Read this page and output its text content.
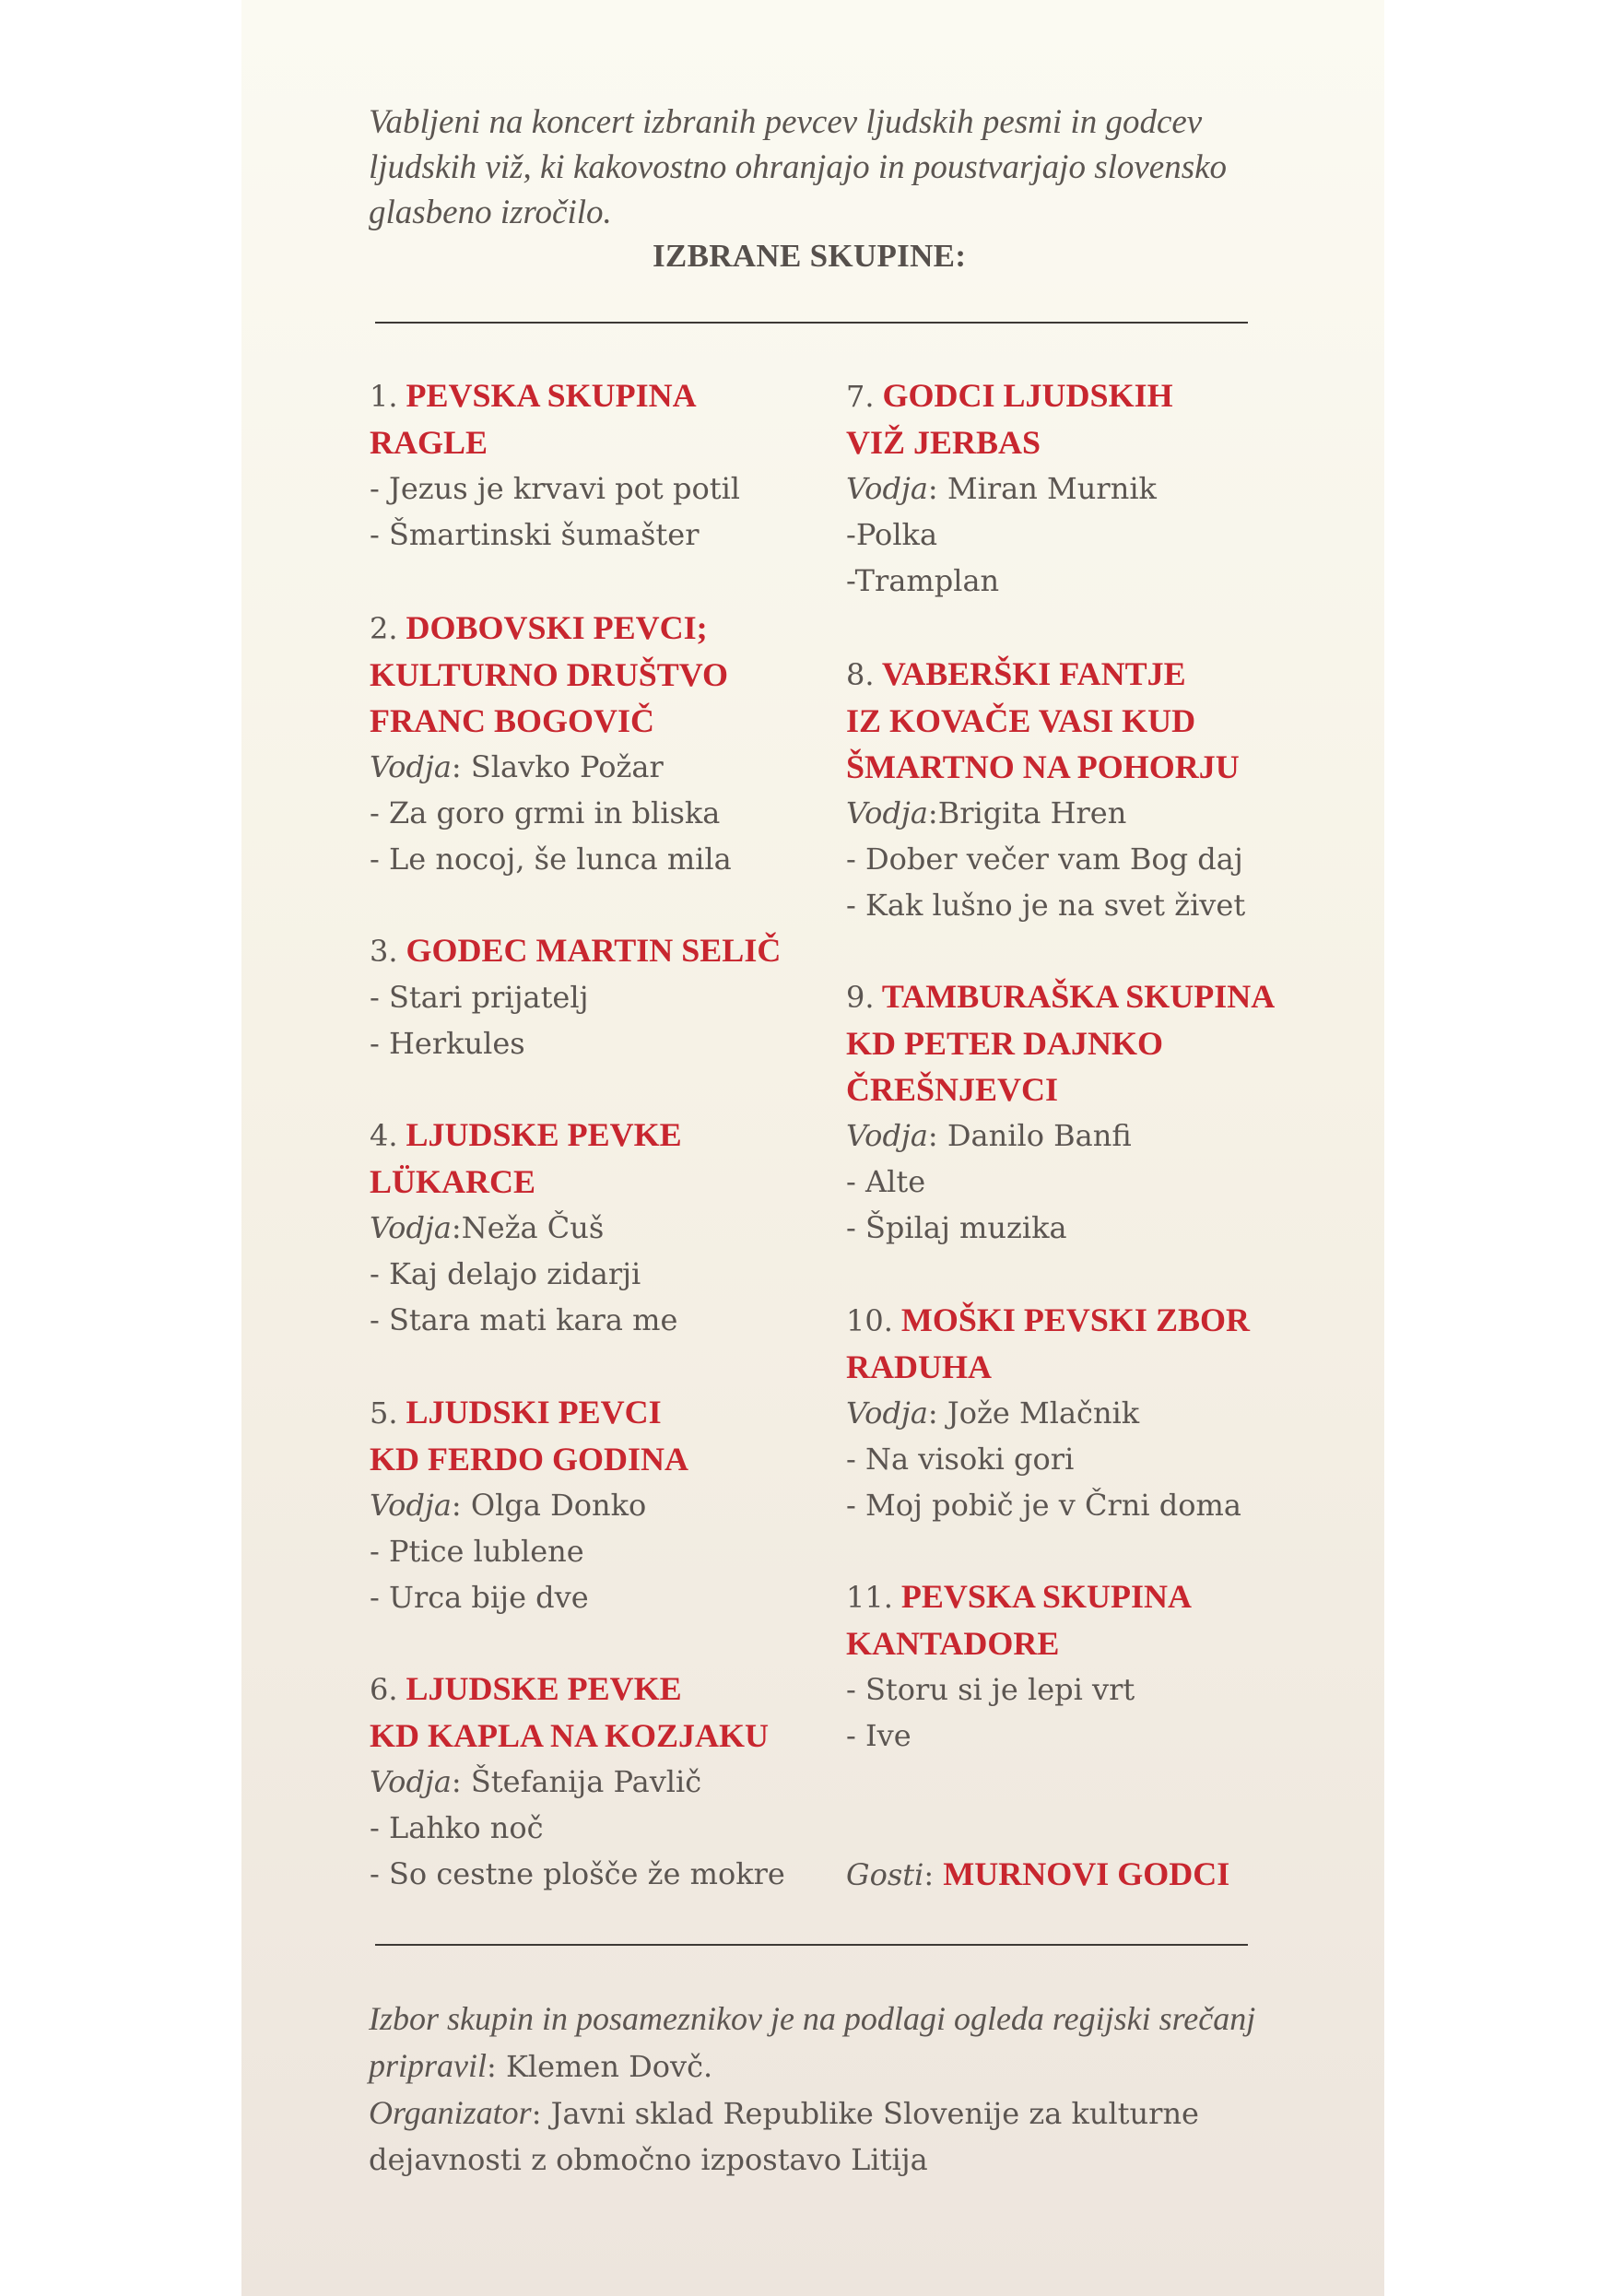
Vabljeni na koncert izbranih pevcev ljudskih pesmi in godcev ljudskih viž, ki kakovostno ohranjajo in poustvarjajo slovensko glasbeno izročilo.

IZBRANE SKUPINE:

1. PEVSKA SKUPINA
RAGLE

- Jezus je krvavi pot potil

- Šmartinski šumašter

2. DOBOVSKI PEVCI;
KULTURNO DRUŠTVO
FRANC BOGOVIČ

Vodja: Slavko Požar

- Za goro grmi in bliska

- Le nocoj, še lunca mila

3. GODEC MARTIN SELIČ

- Stari prijatelj

- Herkules

4. LJUDSKE PEVKE
LÜKARCE

Vodja:Neža Čuš

- Kaj delajo zidarji

- Stara mati kara me

5. LJUDSKI PEVCI
KD FERDO GODINA

Vodja: Olga Donko

- Ptice lublene

- Urca bije dve

6. LJUDSKE PEVKE
KD KAPLA NA KOZJAKU

Vodja: Štefanija Pavlič

- Lahko noč

- So cestne plošče že mokre

7. GODCI LJUDSKIH
VIŽ JERBAS

Vodja: Miran Murnik

-Polka

-Tramplan

8. VABERŠKI FANTJE
IZ KOVAČE VASI KUD
ŠMARTNO NA POHORJU

Vodja:Brigita Hren

- Dober večer vam Bog daj

- Kak lušno je na svet živet

9. TAMBURAŠKA SKUPINA
KD PETER DAJNKO
ČREŠNJEVCI

Vodja: Danilo Banfi

- Alte

- Špilaj muzika

10. MOŠKI PEVSKI ZBOR
RADUHA

Vodja: Jože Mlačnik

- Na visoki gori

- Moj pobič je v Črni doma

11. PEVSKA SKUPINA
KANTADORE

- Storu si je lepi vrt

- Ive

Gosti: MURNOVI GODCI

Izbor skupin in posameznikov je na podlagi ogleda regijski srečanj pripravil: Klemen Dovč.

Organizator: Javni sklad Republike Slovenije za kulturne dejavnosti z območno izpostavo Litija
